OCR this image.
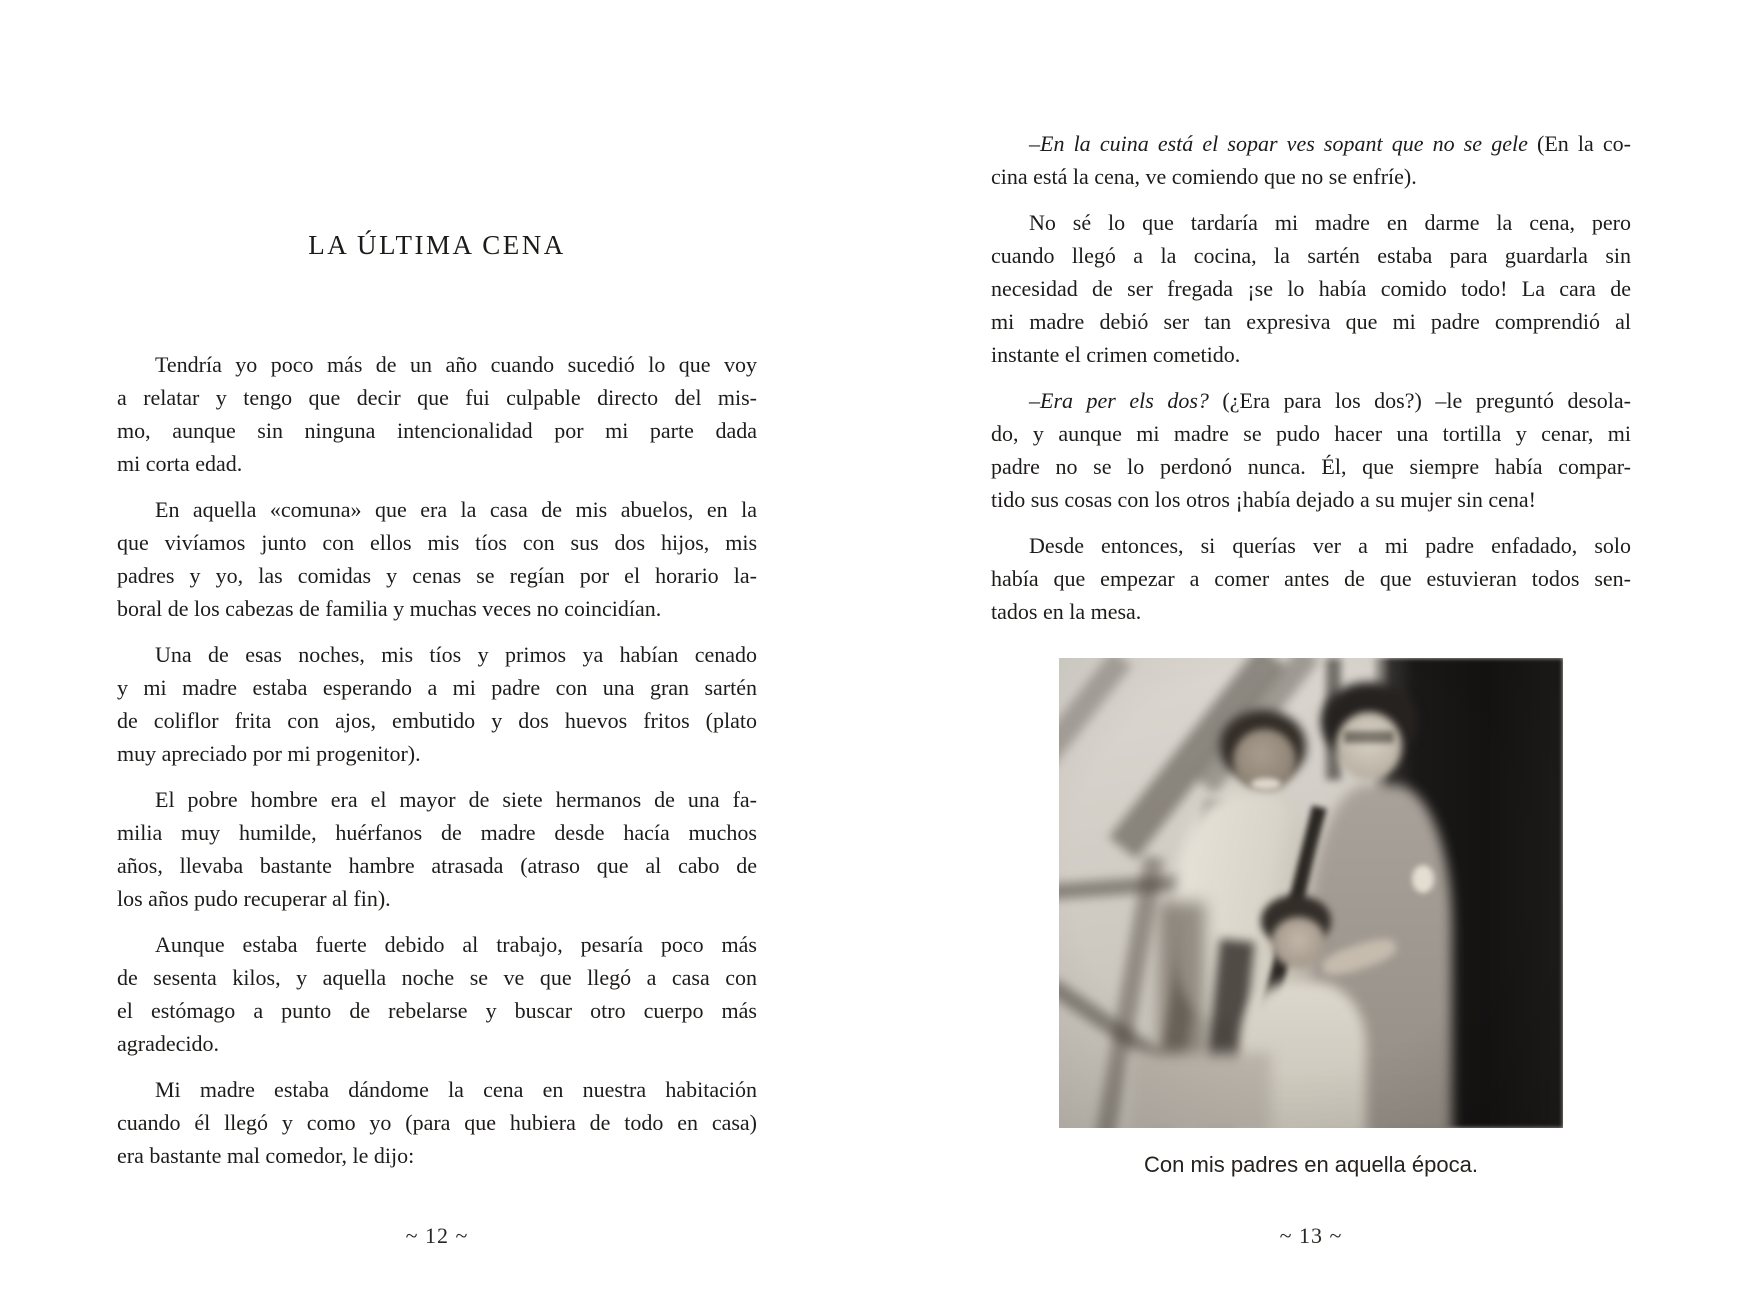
LA ÚLTIMA CENA
Tendría yo poco más de un año cuando sucedió lo que voy
a relatar y tengo que decir que fui culpable directo del mis-
mo, aunque sin ninguna intencionalidad por mi parte dada
mi corta edad.
En aquella «comuna» que era la casa de mis abuelos, en la
que vivíamos junto con ellos mis tíos con sus dos hijos, mis
padres y yo, las comidas y cenas se regían por el horario la-
boral de los cabezas de familia y muchas veces no coincidían.
Una de esas noches, mis tíos y primos ya habían cenado
y mi madre estaba esperando a mi padre con una gran sartén
de coliflor frita con ajos, embutido y dos huevos fritos (plato
muy apreciado por mi progenitor).
El pobre hombre era el mayor de siete hermanos de una fa-
milia muy humilde, huérfanos de madre desde hacía muchos
años, llevaba bastante hambre atrasada (atraso que al cabo de
los años pudo recuperar al fin).
Aunque estaba fuerte debido al trabajo, pesaría poco más
de sesenta kilos, y aquella noche se ve que llegó a casa con
el estómago a punto de rebelarse y buscar otro cuerpo más
agradecido.
Mi madre estaba dándome la cena en nuestra habitación
cuando él llegó y como yo (para que hubiera de todo en casa)
era bastante mal comedor, le dijo:
~ 12 ~
–En la cuina está el sopar ves sopant que no se gele (En la co-
cina está la cena, ve comiendo que no se enfríe).
No sé lo que tardaría mi madre en darme la cena, pero
cuando llegó a la cocina, la sartén estaba para guardarla sin
necesidad de ser fregada ¡se lo había comido todo! La cara de
mi madre debió ser tan expresiva que mi padre comprendió al
instante el crimen cometido.
–Era per els dos? (¿Era para los dos?) –le preguntó desola-
do, y aunque mi madre se pudo hacer una tortilla y cenar, mi
padre no se lo perdonó nunca. Él, que siempre había compar-
tido sus cosas con los otros ¡había dejado a su mujer sin cena!
Desde entonces, si querías ver a mi padre enfadado, solo
había que empezar a comer antes de que estuvieran todos sen-
tados en la mesa.
Con mis padres en aquella época.
~ 13 ~
